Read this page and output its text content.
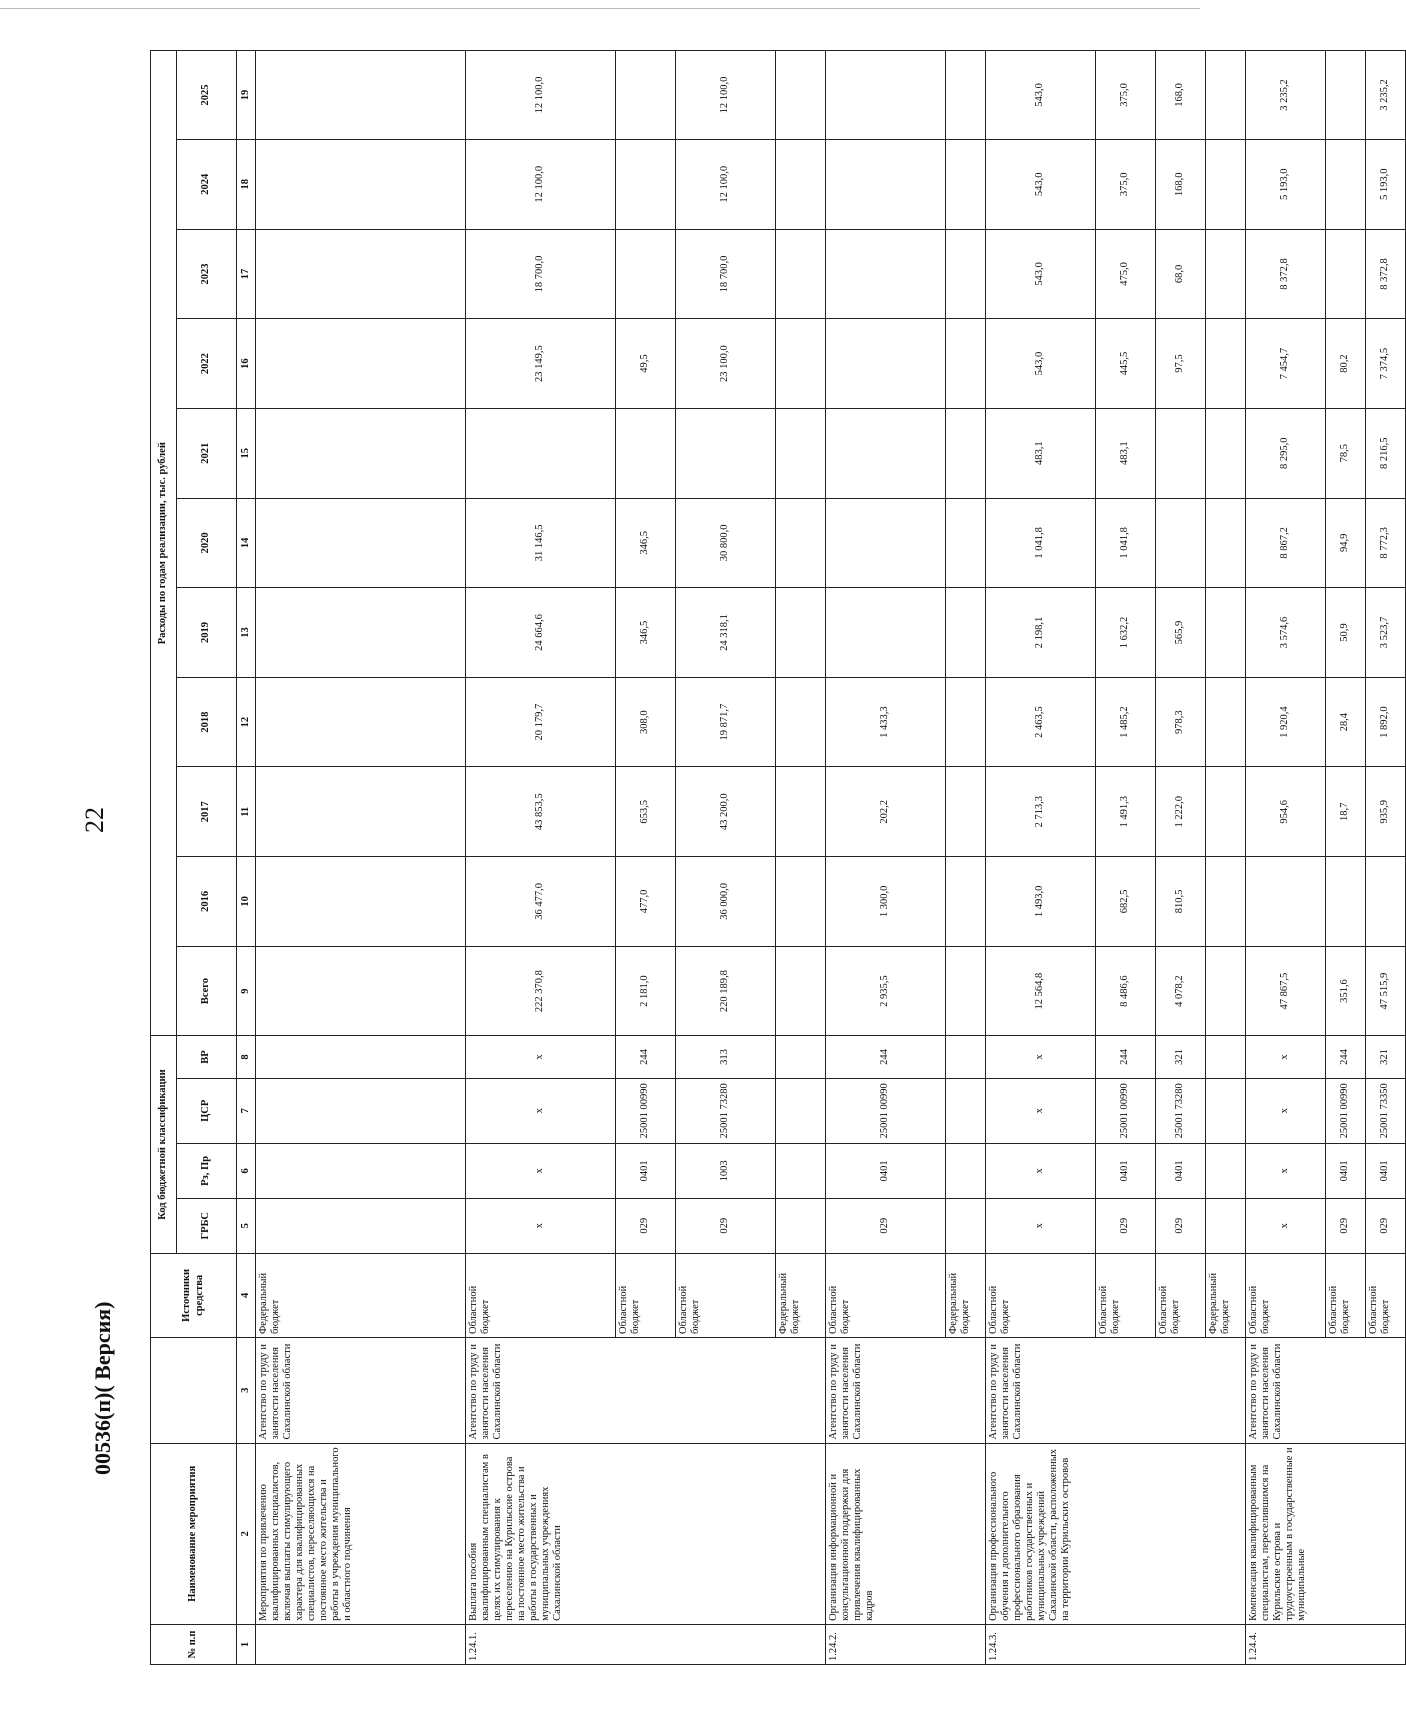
22
№ п.п	Наименование мероприятия		Источники средства	Код бюджетной классификации				Расходы по годам реализации, тыс. рублей										
				ГРБС	Рз, Пр	ЦСР	ВР	Всего	2016	2017	2018	2019	2020	2021	2022	2023	2024	2025
1	2	3	4	5	6	7	8	9	10	11	12	13	14	15	16	17	18	19
	Мероприятия по привлечению квалифицированных специалистов, включая выплаты стимулирующего характера для квалифицированных специалистов, переселяющихся на постоянное место жительства и работы в учреждения муниципального и областного подчинения	Агентство по труду и занятости населения Сахалинской области	Федеральный бюджет															
1.24.1.	Выплата пособия квалифицированным специалистам в целях их стимулирования к переселению на Курильские острова на постоянное место жительства и работы в государственных и муниципальных учреждениях Сахалинской области	Агентство по труду и занятости населения Сахалинской области	Областной бюджет	х	х	х	х	222 370,8	36 477,0	43 853,5	20 179,7	24 664,6	31 146,5		23 149,5	18 700,0	12 100,0	12 100,0
			Областной бюджет	029	0401	25001 00990	244	2 181,0	477,0	653,5	308,0	346,5	346,5		49,5			
			Областной бюджет	029	1003	25001 73280	313	220 189,8	36 000,0	43 200,0	19 871,7	24 318,1	30 800,0		23 100,0	18 700,0	12 100,0	12 100,0
			Федеральный бюджет															
1.24.2.	Организация информационной и консультационной поддержки для привлечения квалифицированных кадров	Агентство по труду и занятости населения Сахалинской области	Областной бюджет	029	0401	25001 00990	244	2 935,5	1 300,0	202,2	1 433,3							
			Федеральный бюджет															
1.24.3.	Организация профессионального обучения и дополнительного профессионального образования работников государственных и муниципальных учреждений Сахалинской области, расположенных на территории Курильских островов	Агентство по труду и занятости населения Сахалинской области	Областной бюджет	х	х	х	х	12 564,8	1 493,0	2 713,3	2 463,5	2 198,1	1 041,8	483,1	543,0	543,0	543,0	543,0
			Областной бюджет	029	0401	25001 00990	244	8 486,6	682,5	1 491,3	1 485,2	1 632,2	1 041,8	483,1	445,5	475,0	375,0	375,0
			Областной бюджет	029	0401	25001 73280	321	4 078,2	810,5	1 222,0	978,3	565,9			97,5	68,0	168,0	168,0
			Федеральный бюджет															
1.24.4.	Компенсация квалифицированным специалистам, переселившимся на Курильские острова и трудоустроенным в государственные и муниципальные	Агентство по труду и занятости населения Сахалинской области	Областной бюджет	х	х	х	х	47 867,5		954,6	1 920,4	3 574,6	8 867,2	8 295,0	7 454,7	8 372,8	5 193,0	3 235,2
			Областной бюджет	029	0401	25001 00990	244	351,6		18,7	28,4	50,9	94,9	78,5	80,2			
			Областной бюджет	029	0401	25001 73350	321	47 515,9		935,9	1 892,0	3 523,7	8 772,3	8 216,5	7 374,5	8 372,8	5 193,0	3 235,2
00536(п)( Версия)
